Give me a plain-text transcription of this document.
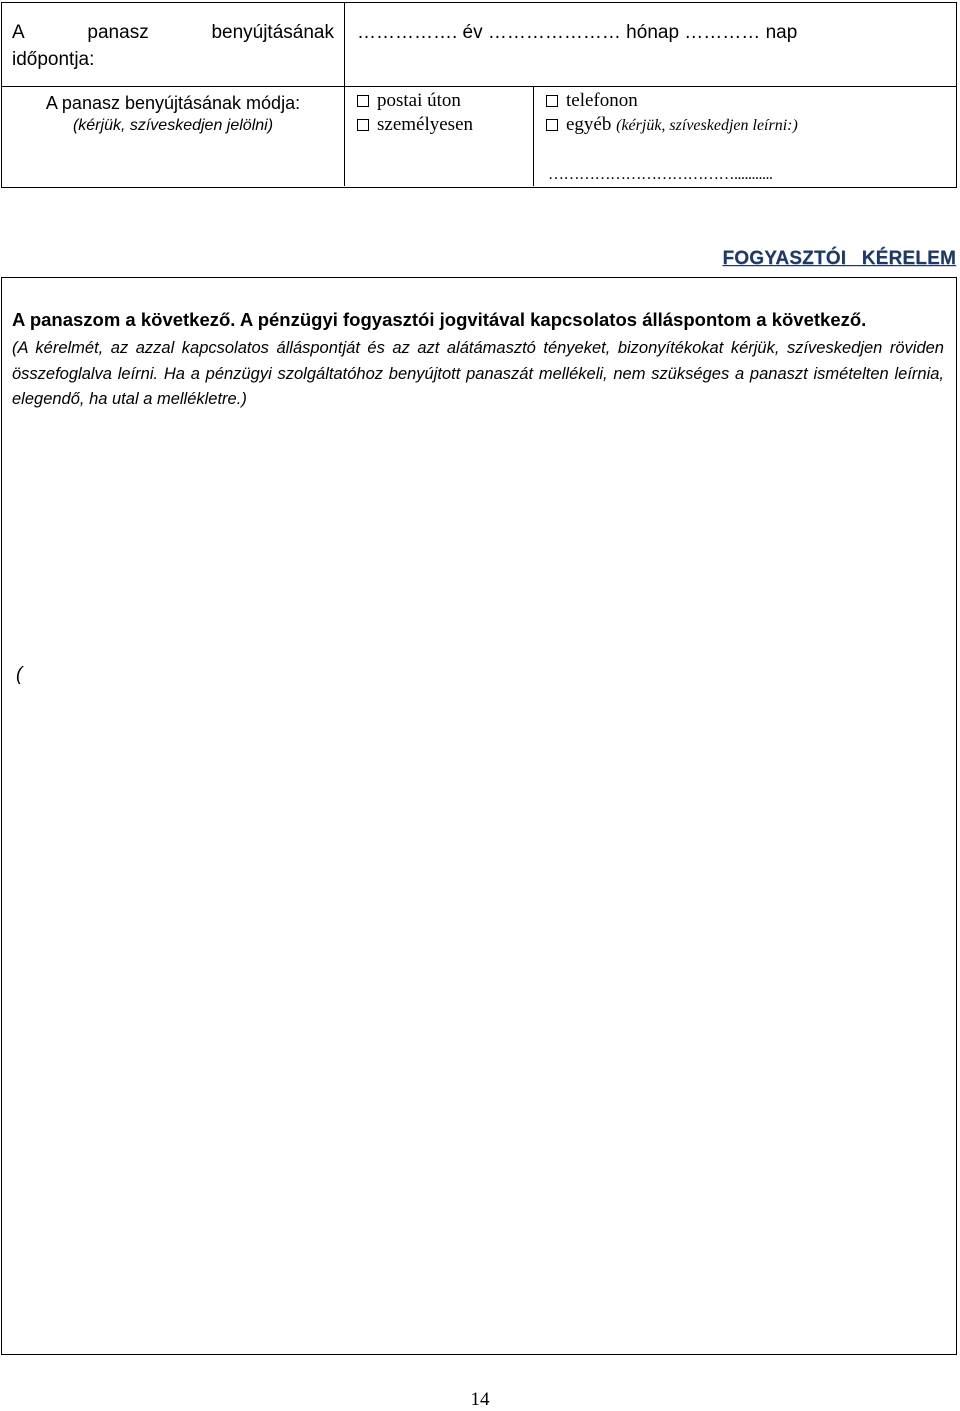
A	panasz	benyújtásának
időpontja:
……………. év ………………… hónap ………… nap
A panasz benyújtásának módja:
(kérjük, szíveskedjen jelölni)
postai úton
személyesen
telefonon
egyéb (kérjük, szíveskedjen leírni:)
………………………………...........
FOGYASZTÓI KÉRELEM
A panaszom a következő. A pénzügyi fogyasztói jogvitával kapcsolatos álláspontom a következő.
(A kérelmét, az azzal kapcsolatos álláspontját és az azt alátámasztó tényeket, bizonyítékokat kérjük, szíveskedjen röviden összefoglalva leírni. Ha a pénzügyi szolgáltatóhoz benyújtott panaszát mellékeli, nem szükséges a panaszt ismételten leírnia, elegendő, ha utal a mellékletre.)
(
14
